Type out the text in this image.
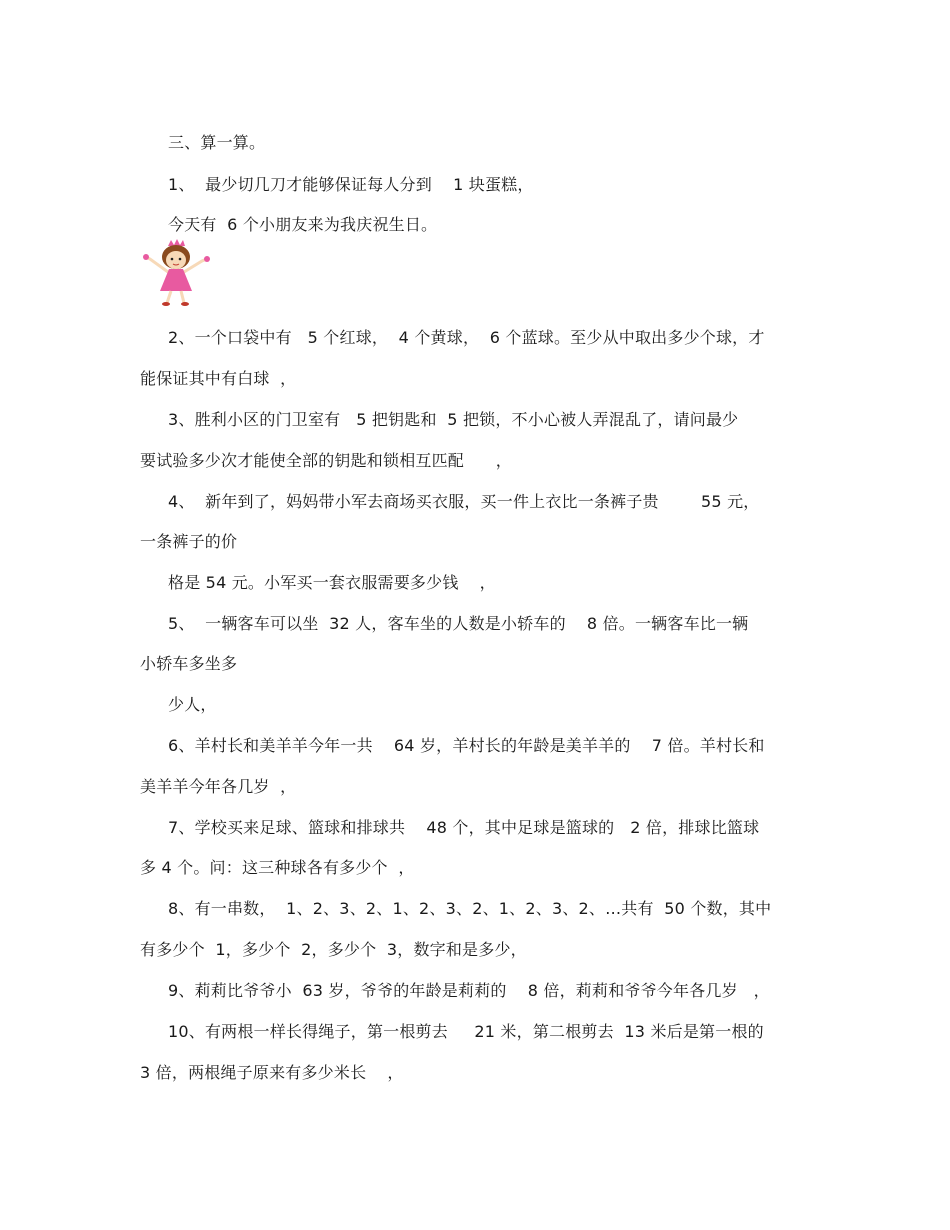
三、算一算。
1、  最少切几刀才能够保证每人分到    1 块蛋糕，
今天有  6 个小朋友来为我庆祝生日。
2、一个口袋中有   5 个红球，  4 个黄球，  6 个蓝球。至少从中取出多少个球，才
能保证其中有白球  ，
3、胜利小区的门卫室有   5 把钥匙和  5 把锁，不小心被人弄混乱了，请问最少
要试验多少次才能使全部的钥匙和锁相互匹配      ，
4、  新年到了，妈妈带小军去商场买衣服，买一件上衣比一条裤子贵        55 元，
一条裤子的价
格是 54 元。小军买一套衣服需要多少钱    ，
5、  一辆客车可以坐  32 人，客车坐的人数是小轿车的    8 倍。一辆客车比一辆
小轿车多坐多
少人，
6、羊村长和美羊羊今年一共    64 岁，羊村长的年龄是美羊羊的    7 倍。羊村长和
美羊羊今年各几岁  ，
7、学校买来足球、篮球和排球共    48 个，其中足球是篮球的   2 倍，排球比篮球
多 4 个。问：这三种球各有多少个  ，
8、有一串数，  1、2、3、2、1、2、3、2、1、2、3、2、…共有  50 个数，其中
有多少个  1，多少个  2，多少个  3，数字和是多少，
9、莉莉比爷爷小  63 岁，爷爷的年龄是莉莉的    8 倍，莉莉和爷爷今年各几岁   ，
10、有两根一样长得绳子，第一根剪去     21 米，第二根剪去  13 米后是第一根的
3 倍，两根绳子原来有多少米长    ，
